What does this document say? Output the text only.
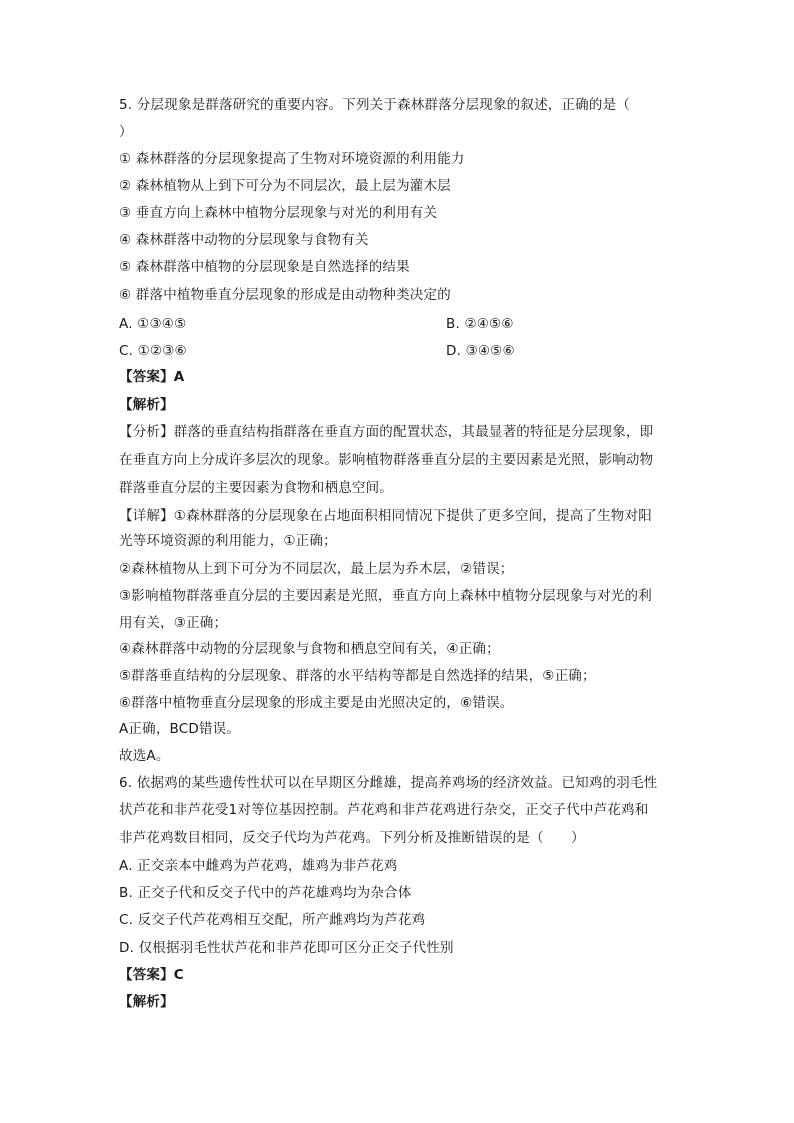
5. 分层现象是群落研究的重要内容。下列关于森林群落分层现象的叙述，正确的是（
）
① 森林群落的分层现象提高了生物对环境资源的利用能力
② 森林植物从上到下可分为不同层次，最上层为灌木层
③ 垂直方向上森林中植物分层现象与对光的利用有关
④ 森林群落中动物的分层现象与食物有关
⑤ 森林群落中植物的分层现象是自然选择的结果
⑥ 群落中植物垂直分层现象的形成是由动物种类决定的
A. ①③④⑤	B. ②④⑤⑥
C. ①②③⑥	D. ③④⑤⑥
【答案】A
【解析】
【分析】群落的垂直结构指群落在垂直方面的配置状态，其最显著的特征是分层现象，即
在垂直方向上分成许多层次的现象。影响植物群落垂直分层的主要因素是光照，影响动物
群落垂直分层的主要因素为食物和栖息空间。
【详解】①森林群落的分层现象在占地面积相同情况下提供了更多空间，提高了生物对阳
光等环境资源的利用能力，①正确；
②森林植物从上到下可分为不同层次，最上层为乔木层，②错误；
③影响植物群落垂直分层的主要因素是光照，垂直方向上森林中植物分层现象与对光的利
用有关，③正确；
④森林群落中动物的分层现象与食物和栖息空间有关，④正确；
⑤群落垂直结构的分层现象、群落的水平结构等都是自然选择的结果，⑤正确；
⑥群落中植物垂直分层现象的形成主要是由光照决定的，⑥错误。
A正确，BCD错误。
故选A。
6. 依据鸡的某些遗传性状可以在早期区分雌雄，提高养鸡场的经济效益。已知鸡的羽毛性
状芦花和非芦花受1对等位基因控制。芦花鸡和非芦花鸡进行杂交，正交子代中芦花鸡和
非芦花鸡数目相同，反交子代均为芦花鸡。下列分析及推断错误的是（　　）
A. 正交亲本中雌鸡为芦花鸡，雄鸡为非芦花鸡
B. 正交子代和反交子代中的芦花雄鸡均为杂合体
C. 反交子代芦花鸡相互交配，所产雌鸡均为芦花鸡
D. 仅根据羽毛性状芦花和非芦花即可区分正交子代性别
【答案】C
【解析】
